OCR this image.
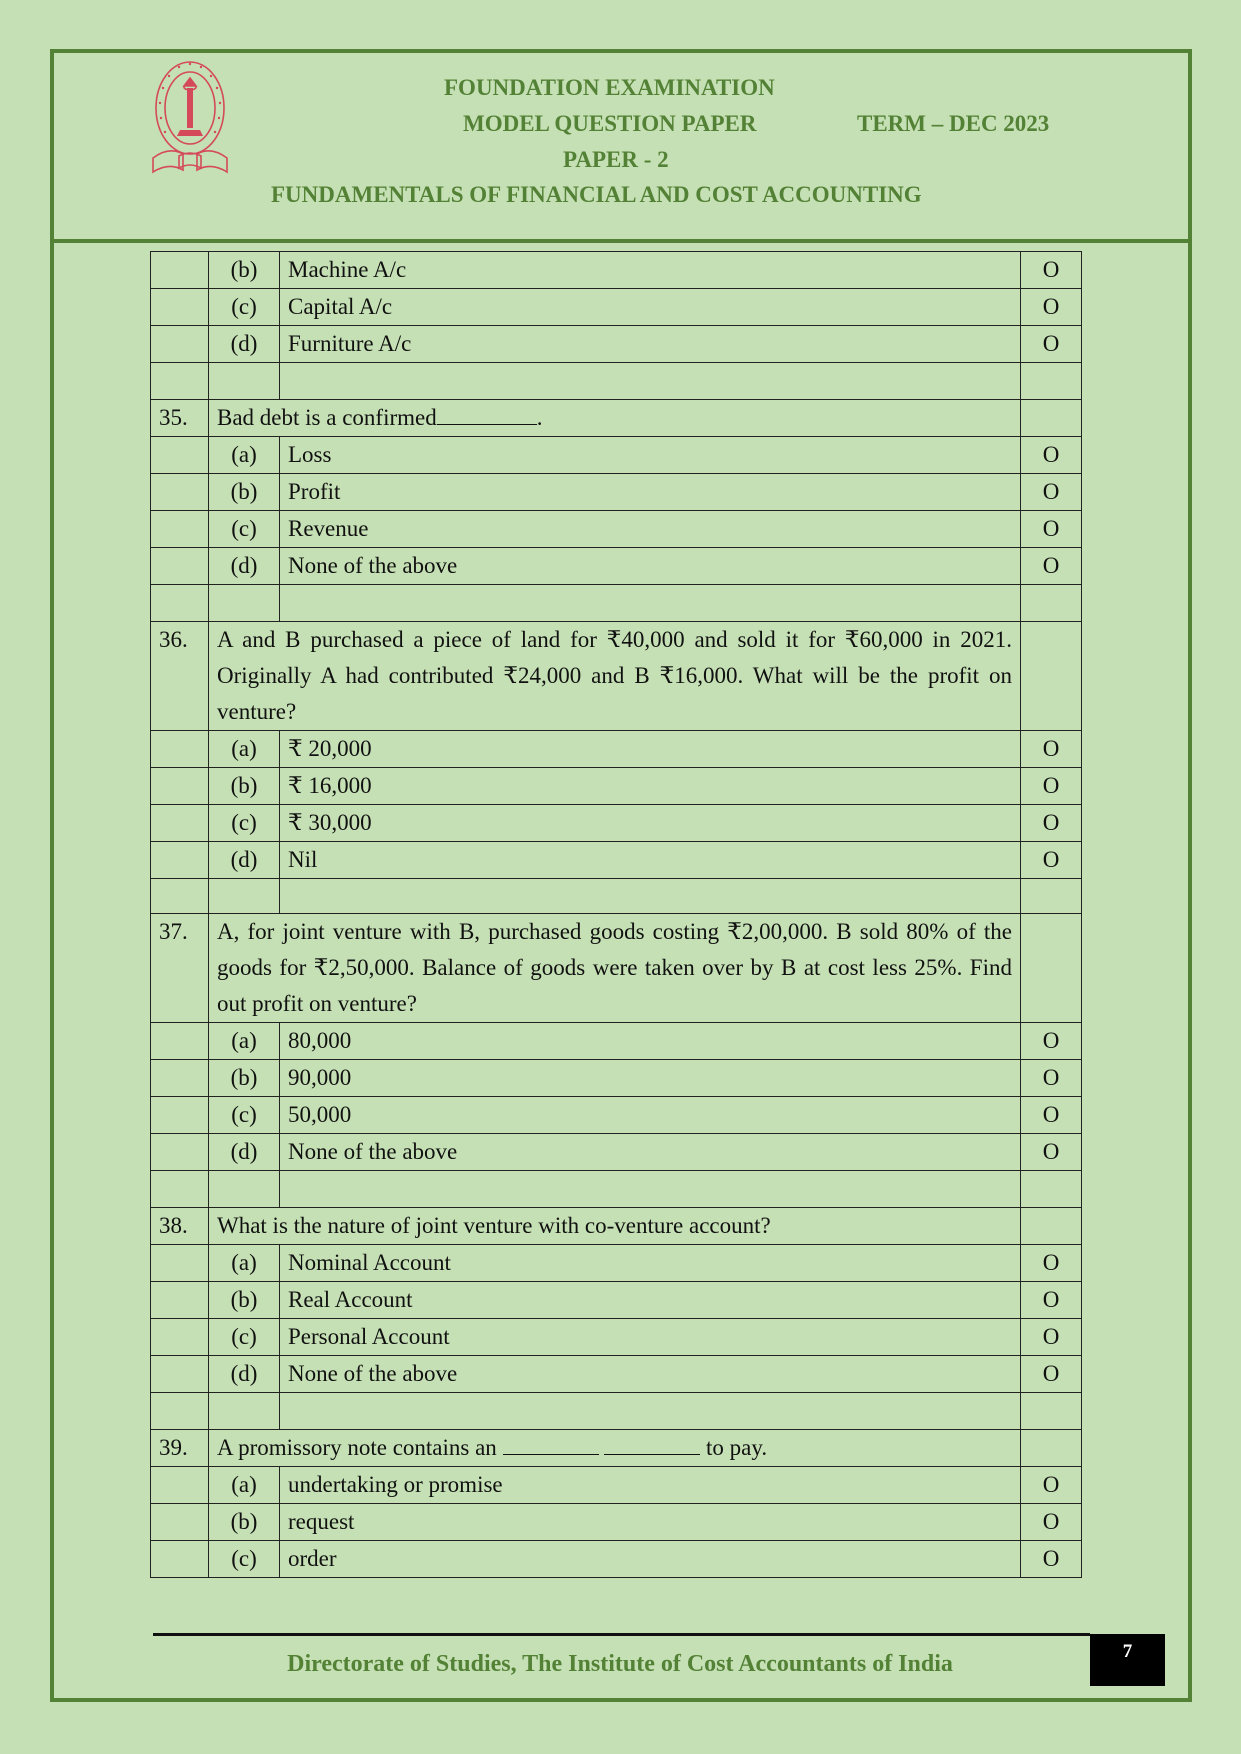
FOUNDATION EXAMINATION
MODEL QUESTION PAPER	TERM – DEC 2023
PAPER - 2
FUNDAMENTALS OF FINANCIAL AND COST ACCOUNTING
	(b)	Machine A/c	O
	(c)	Capital A/c	O
	(d)	Furniture A/c	O

35.	Bad debt is a confirmed .		
	(a)	Loss	O
	(b)	Profit	O
	(c)	Revenue	O
	(d)	None of the above	O

36.	A and B purchased a piece of land for ₹40,000 and sold it for ₹60,000 in 2021. Originally A had contributed ₹24,000 and B ₹16,000. What will be the profit on venture?		
	(a)	₹ 20,000	O
	(b)	₹ 16,000	O
	(c)	₹ 30,000	O
	(d)	Nil	O

37.	A, for joint venture with B, purchased goods costing ₹2,00,000. B sold 80% of the goods for ₹2,50,000. Balance of goods were taken over by B at cost less 25%. Find out profit on venture?		
	(a)	80,000	O
	(b)	90,000	O
	(c)	50,000	O
	(d)	None of the above	O

38.	What is the nature of joint venture with co-venture account?		
	(a)	Nominal Account	O
	(b)	Real Account	O
	(c)	Personal Account	O
	(d)	None of the above	O

39.	A promissory note contains an to pay.		
	(a)	undertaking or promise	O
	(b)	request	O
	(c)	order	O
Directorate of Studies, The Institute of Cost Accountants of India	7
